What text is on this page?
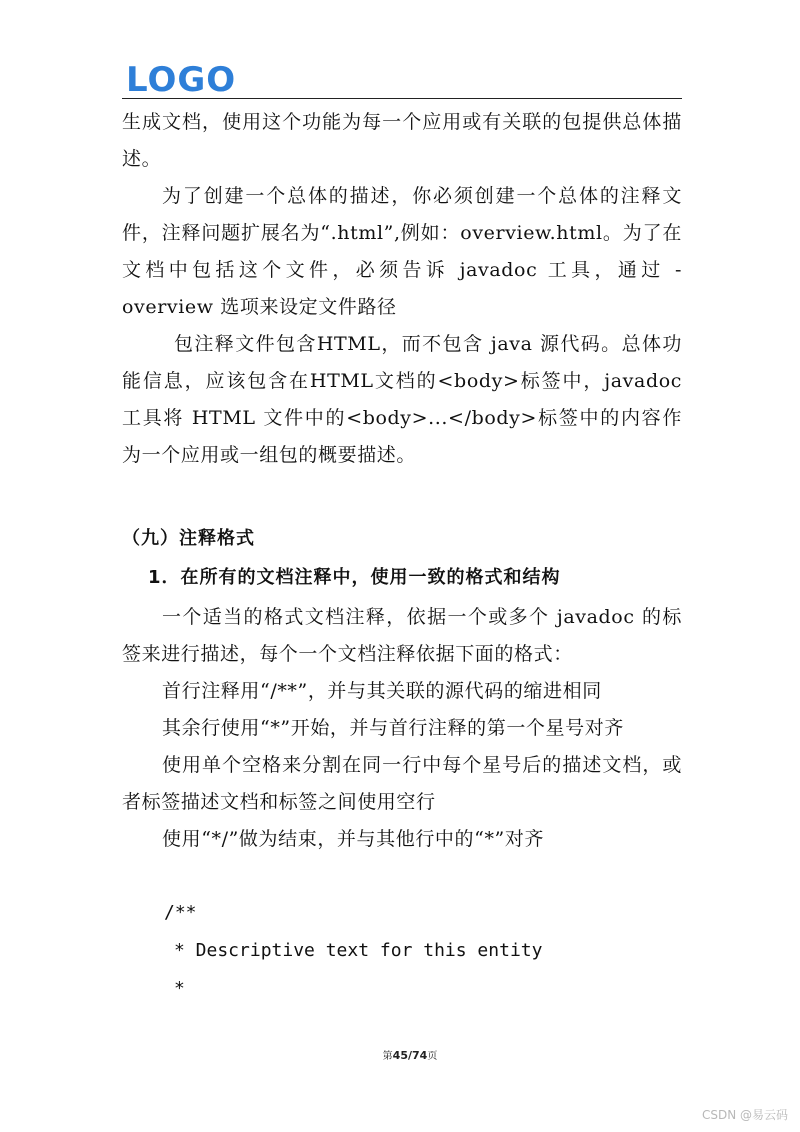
LOGO

生成文档，使用这个功能为每一个应用或有关联的包提供总体描述。

为了创建一个总体的描述，你必须创建一个总体的注释文件，注释问题扩展名为“.html”,例如：overview.html。为了在文档中包括这个文件，必须告诉 javadoc 工具，通过 -overview 选项来设定文件路径

包注释文件包含HTML，而不包含 java 源代码。总体功能信息，应该包含在HTML文档的<body>标签中，javadoc 工具将 HTML 文件中的<body>...</body>标签中的内容作为一个应用或一组包的概要描述。

（九）注释格式

1．在所有的文档注释中，使用一致的格式和结构

一个适当的格式文档注释，依据一个或多个 javadoc 的标签来进行描述，每个一个文档注释依据下面的格式：

首行注释用“/**”，并与其关联的源代码的缩进相同

其余行使用“*”开始，并与首行注释的第一个星号对齐

使用单个空格来分割在同一行中每个星号后的描述文档，或者标签描述文档和标签之间使用空行

使用“*/”做为结束，并与其他行中的“*”对齐

/**

* Descriptive text for this entity

*

第45/74页
CSDN @易云码
